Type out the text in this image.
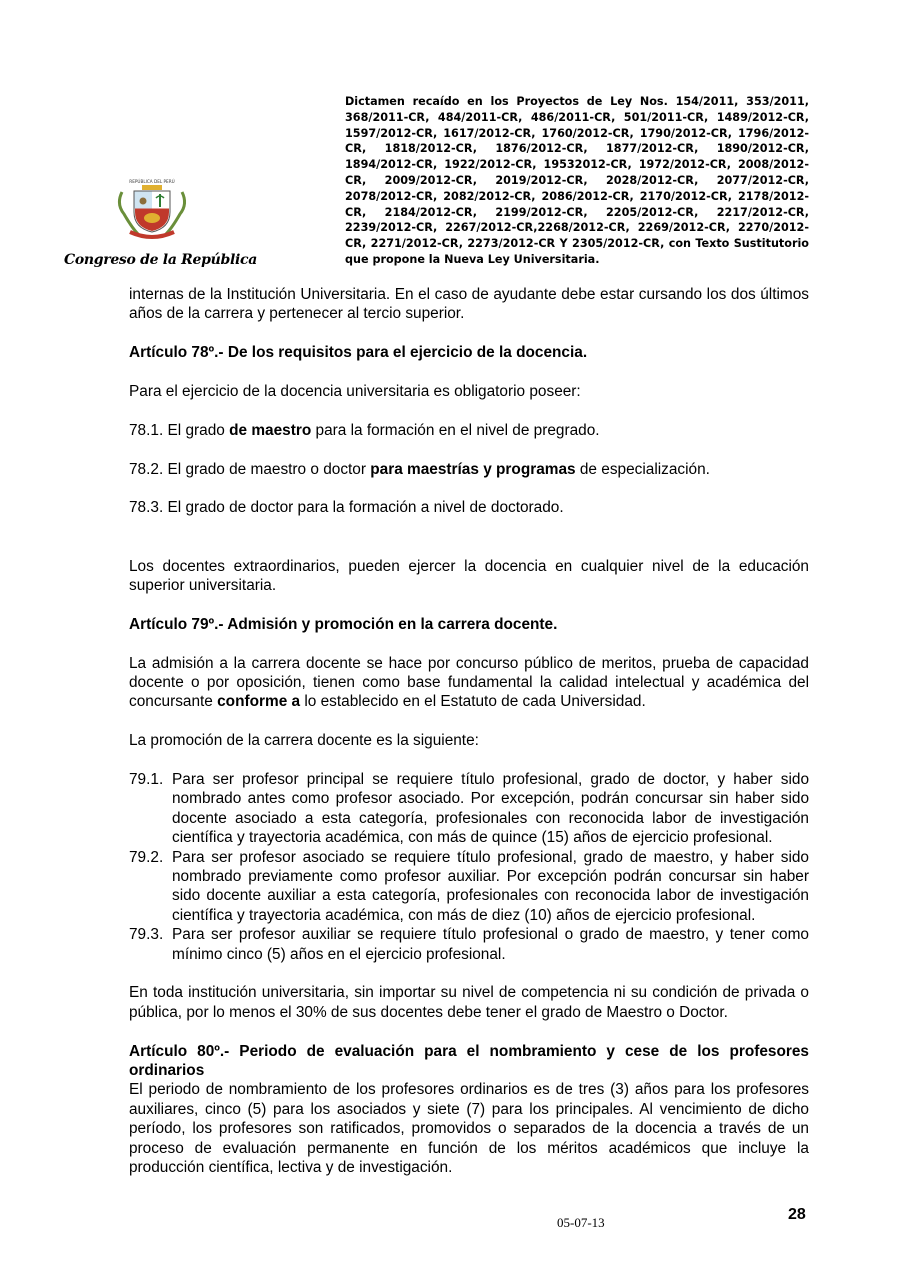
REPÚBLICA DEL PERÚ
Congreso de la República
Dictamen recaído en los Proyectos de Ley Nos. 154/2011, 353/2011, 368/2011-CR, 484/2011-CR, 486/2011-CR, 501/2011-CR, 1489/2012-CR, 1597/2012-CR, 1617/2012-CR, 1760/2012-CR, 1790/2012-CR, 1796/2012-CR, 1818/2012-CR, 1876/2012-CR, 1877/2012-CR, 1890/2012-CR, 1894/2012-CR, 1922/2012-CR, 19532012-CR, 1972/2012-CR, 2008/2012-CR, 2009/2012-CR, 2019/2012-CR, 2028/2012-CR, 2077/2012-CR, 2078/2012-CR, 2082/2012-CR, 2086/2012-CR, 2170/2012-CR, 2178/2012-CR, 2184/2012-CR, 2199/2012-CR, 2205/2012-CR, 2217/2012-CR, 2239/2012-CR, 2267/2012-CR,2268/2012-CR, 2269/2012-CR, 2270/2012-CR, 2271/2012-CR, 2273/2012-CR Y 2305/2012-CR, con Texto Sustitutorio que propone la Nueva Ley Universitaria.

internas de la Institución Universitaria. En el caso de ayudante debe estar cursando los dos últimos años de la carrera y pertenecer al tercio superior.

Artículo 78º.- De los requisitos para el ejercicio de la docencia.

Para el ejercicio de la docencia universitaria es obligatorio poseer:

78.1. El grado de maestro para la formación en el nivel de pregrado.

78.2. El grado de maestro o doctor para maestrías y programas de especialización.

78.3. El grado de doctor para la formación a nivel de doctorado.

Los docentes extraordinarios, pueden ejercer la docencia en cualquier nivel de la educación superior universitaria.

Artículo 79º.- Admisión y promoción en la carrera docente.

La admisión a la carrera docente se hace por concurso público de meritos, prueba de capacidad docente o por oposición, tienen como base fundamental la calidad intelectual y académica del concursante conforme a lo establecido en el Estatuto de cada Universidad.

La promoción de la carrera docente es la siguiente:

79.1. Para ser profesor principal se requiere título profesional, grado de doctor, y haber sido nombrado antes como profesor asociado. Por excepción, podrán concursar sin haber sido docente asociado a esta categoría, profesionales con reconocida labor de investigación científica y trayectoria académica, con más de quince (15) años de ejercicio profesional.
79.2. Para ser profesor asociado se requiere título profesional, grado de maestro, y haber sido nombrado previamente como profesor auxiliar. Por excepción podrán concursar sin haber sido docente auxiliar a esta categoría, profesionales con reconocida labor de investigación científica y trayectoria académica, con más de diez (10) años de ejercicio profesional.
79.3. Para ser profesor auxiliar se requiere título profesional o grado de maestro, y tener como mínimo cinco (5) años en el ejercicio profesional.

En toda institución universitaria, sin importar su nivel de competencia ni su condición de privada o pública, por lo menos el 30% de sus docentes debe tener el grado de Maestro o Doctor.

Artículo 80º.- Periodo de evaluación para el nombramiento y cese de los profesores ordinarios

El periodo de nombramiento de los profesores ordinarios es de tres (3) años para los profesores auxiliares, cinco (5) para los asociados y siete (7) para los principales. Al vencimiento de dicho período, los profesores son ratificados, promovidos o separados de la docencia a través de un proceso de evaluación permanente en función de los méritos académicos que incluye la producción científica, lectiva y de investigación.

05-07-13	28
